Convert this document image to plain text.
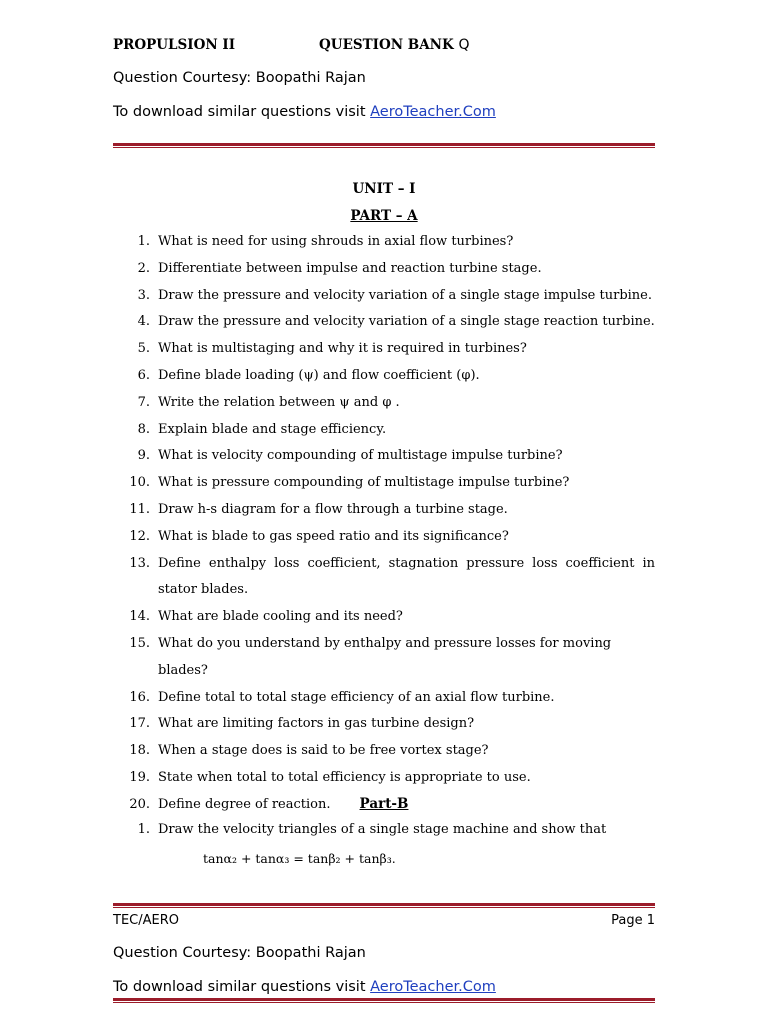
PROPULSION II	QUESTION BANK Q
Question Courtesy: Boopathi Rajan
To download similar questions visit AeroTeacher.Com
UNIT – I
PART – A
1. What is need for using shrouds in axial flow turbines?
2. Differentiate between impulse and reaction turbine stage.
3. Draw the pressure and velocity variation of a single stage impulse turbine.
4. Draw the pressure and velocity variation of a single stage reaction turbine.
5. What is multistaging and why it is required in turbines?
6. Define blade loading (ψ) and flow coefficient (φ).
7. Write the relation between ψ and φ .
8. Explain blade and stage efficiency.
9. What is velocity compounding of multistage impulse turbine?
10. What is pressure compounding of multistage impulse turbine?
11. Draw h-s diagram for a flow through a turbine stage.
12. What is blade to gas speed ratio and its significance?
13. Define enthalpy loss coefficient, stagnation pressure loss coefficient in stator blades.
14. What are blade cooling and its need?
15. What do you understand by enthalpy and pressure losses for moving blades?
16. Define total to total stage efficiency of an axial flow turbine.
17. What are limiting factors in gas turbine design?
18. When a stage does is said to be free vortex stage?
19. State when total to total efficiency is appropriate to use.
20. Define degree of reaction.	Part-B
1. Draw the velocity triangles of a single stage machine and show that
tanα₂ + tanα₃ = tanβ₂ + tanβ₃.
TEC/AERO	Page 1
Question Courtesy: Boopathi Rajan
To download similar questions visit AeroTeacher.Com
